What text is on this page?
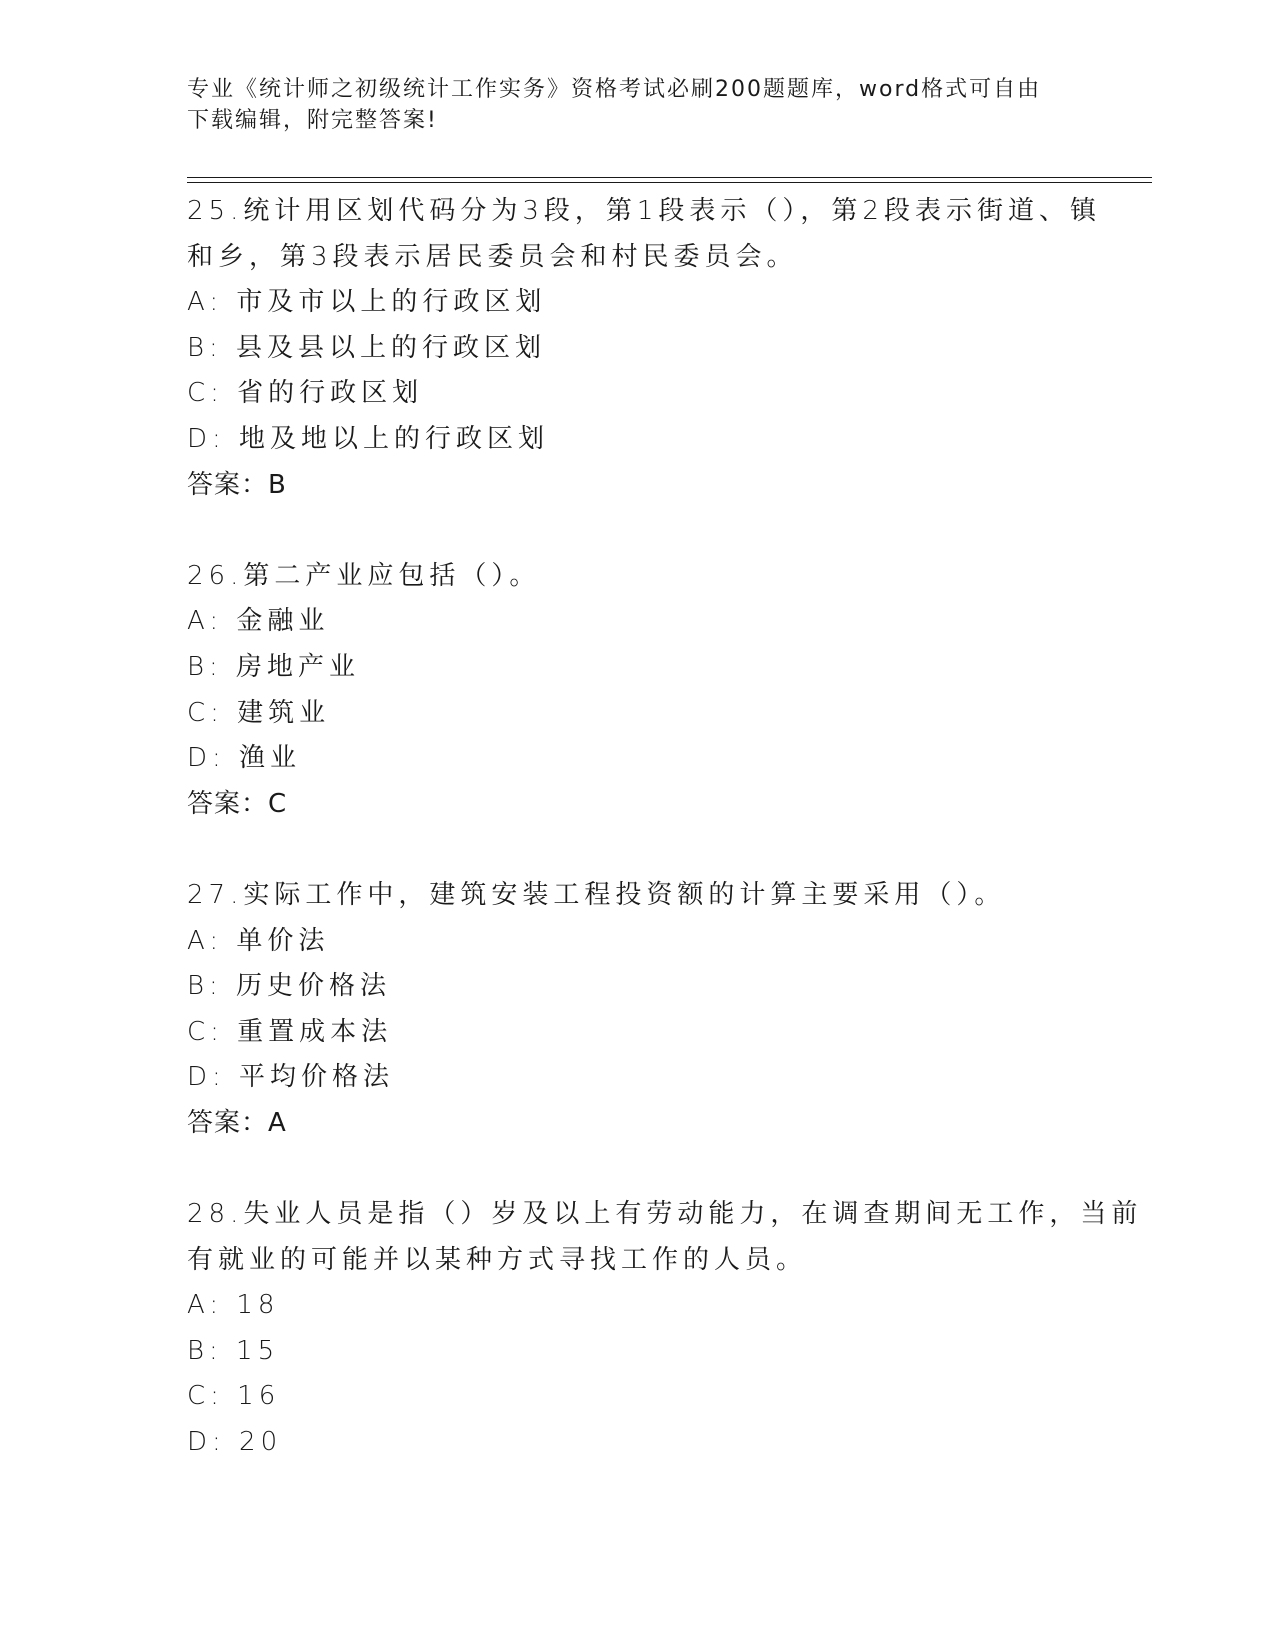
专业《统计师之初级统计工作实务》资格考试必刷200题题库，word格式可自由
下载编辑，附完整答案!
25.统计用区划代码分为3段，第1段表示（），第2段表示街道、镇
和乡，第3段表示居民委员会和村民委员会。
A: 市及市以上的行政区划
B: 县及县以上的行政区划
C: 省的行政区划
D: 地及地以上的行政区划
答案：B
26.第二产业应包括（）。
A: 金融业
B: 房地产业
C: 建筑业
D: 渔业
答案：C
27.实际工作中，建筑安装工程投资额的计算主要采用（）。
A: 单价法
B: 历史价格法
C: 重置成本法
D: 平均价格法
答案：A
28.失业人员是指（）岁及以上有劳动能力，在调查期间无工作，当前
有就业的可能并以某种方式寻找工作的人员。
A: 18
B: 15
C: 16
D: 20
